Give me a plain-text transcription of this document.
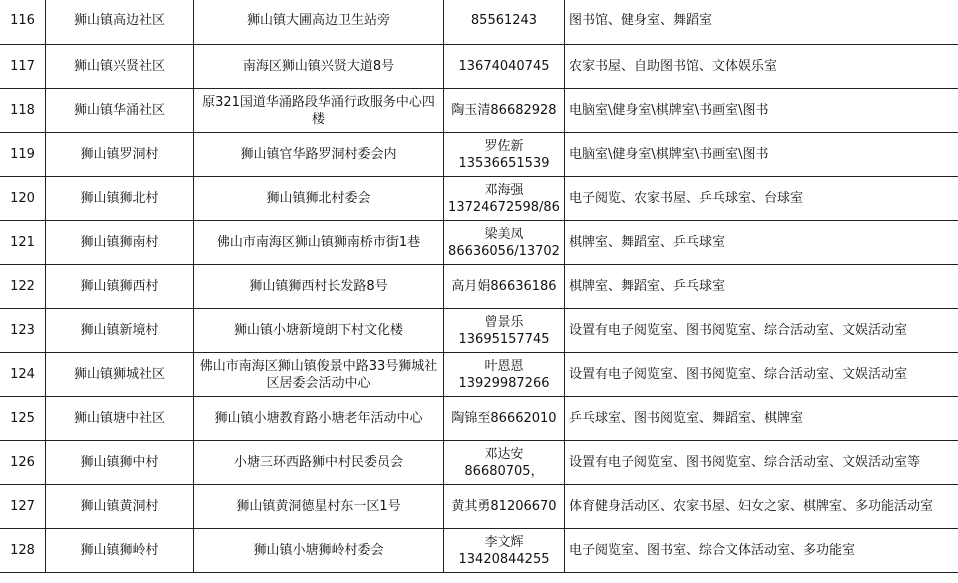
116	狮山镇高边社区	狮山镇大圃高边卫生站旁	85561243	图书馆、健身室、舞蹈室
117	狮山镇兴贤社区	南海区狮山镇兴贤大道8号	13674040745	农家书屋、自助图书馆、文体娱乐室
118	狮山镇华涌社区	原321国道华涌路段华涌行政服务中心四楼	陶玉清86682928	电脑室\健身室\棋牌室\书画室\图书
119	狮山镇罗洞村	狮山镇官华路罗洞村委会内	罗佐新13536651539	电脑室\健身室\棋牌室\书画室\图书
120	狮山镇狮北村	狮山镇狮北村委会	邓海强13724672598/86	电子阅览、农家书屋、乒乓球室、台球室
121	狮山镇狮南村	佛山市南海区狮山镇狮南桥市街1巷	梁美凤86636056/13702	棋牌室、舞蹈室、乒乓球室
122	狮山镇狮西村	狮山镇狮西村长发路8号	高月娟86636186	棋牌室、舞蹈室、乒乓球室
123	狮山镇新境村	狮山镇小塘新境朗下村文化楼	曾景乐13695157745	设置有电子阅览室、图书阅览室、综合活动室、文娱活动室
124	狮山镇狮城社区	佛山市南海区狮山镇俊景中路33号狮城社区居委会活动中心	叶恩恩13929987266	设置有电子阅览室、图书阅览室、综合活动室、文娱活动室
125	狮山镇塘中社区	狮山镇小塘教育路小塘老年活动中心	陶锦至86662010	乒乓球室、图书阅览室、舞蹈室、棋牌室
126	狮山镇狮中村	小塘三环西路狮中村民委员会	邓达安86680705，	设置有电子阅览室、图书阅览室、综合活动室、文娱活动室等
127	狮山镇黄洞村	狮山镇黄洞德星村东一区1号	黄其勇81206670	体育健身活动区、农家书屋、妇女之家、棋牌室、多功能活动室
128	狮山镇狮岭村	狮山镇小塘狮岭村委会	李文辉13420844255	电子阅览室、图书室、综合文体活动室、多功能室
